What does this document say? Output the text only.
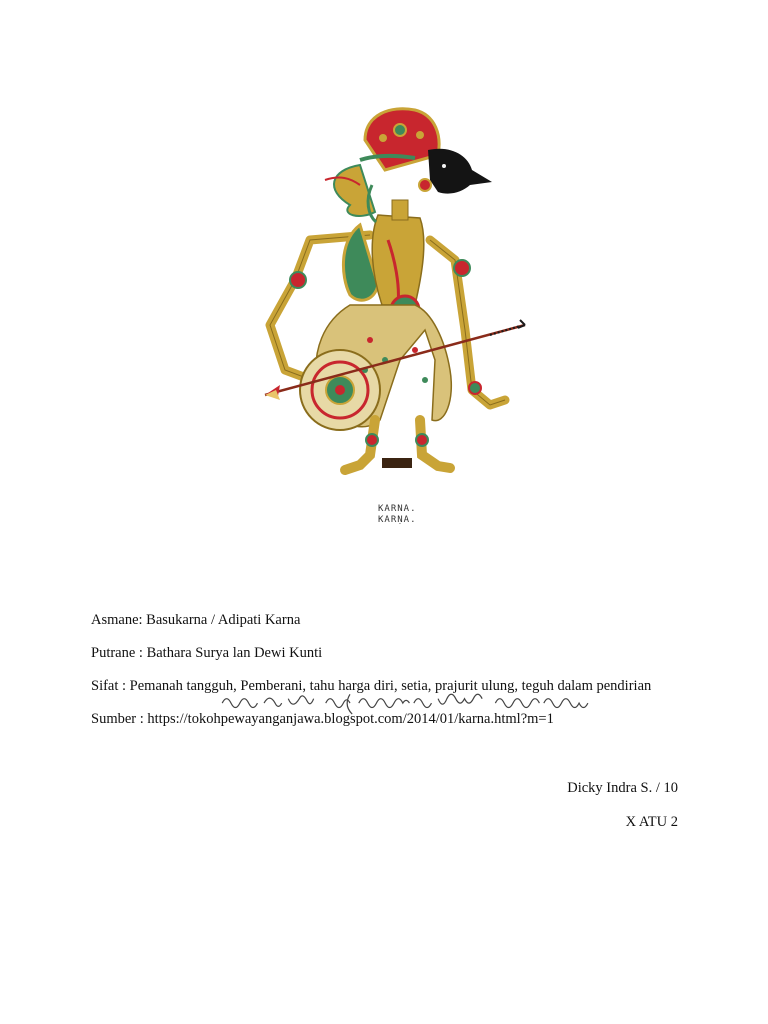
KARNA.
KARṆA.
Asmane: Basukarna / Adipati Karna
Putrane : Bathara Surya lan Dewi Kunti
Sifat : Pemanah tangguh, Pemberani, tahu harga diri, setia, prajurit ulung, teguh dalam pendirian
Sumber : https://tokohpewayanganjawa.blogspot.com/2014/01/karna.html?m=1
Dicky Indra S. / 10
X ATU 2
